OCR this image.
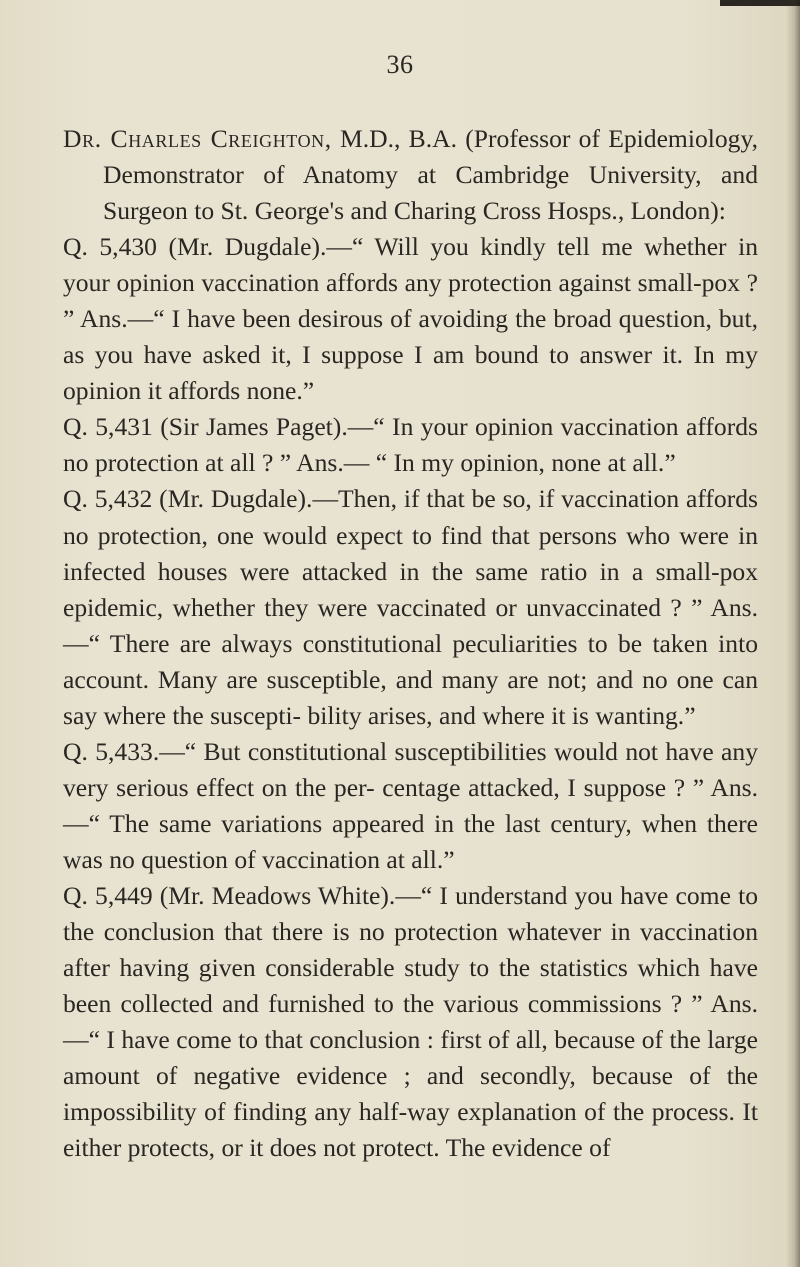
36

Dr. Charles Creighton, M.D., B.A. (Professor of Epidemiology, Demonstrator of Anatomy at Cambridge University, and Surgeon to St. George's and Charing Cross Hosps., London):

Q. 5,430 (Mr. Dugdale).—“ Will you kindly tell me whether in your opinion vaccination affords any protection against small-pox ? ” Ans.—“ I have been desirous of avoiding the broad question, but, as you have asked it, I suppose I am bound to answer it. In my opinion it affords none.”

Q. 5,431 (Sir James Paget).—“ In your opinion vaccination affords no protection at all ? ” Ans.— “ In my opinion, none at all.”

Q. 5,432 (Mr. Dugdale).—Then, if that be so, if vaccination affords no protection, one would expect to find that persons who were in infected houses were attacked in the same ratio in a small-pox epidemic, whether they were vaccinated or unvaccinated ? ” Ans.—“ There are always constitutional peculiarities to be taken into account. Many are susceptible, and many are not; and no one can say where the suscepti- bility arises, and where it is wanting.”

Q. 5,433.—“ But constitutional susceptibilities would not have any very serious effect on the per- centage attacked, I suppose ? ” Ans.—“ The same variations appeared in the last century, when there was no question of vaccination at all.”

Q. 5,449 (Mr. Meadows White).—“ I understand you have come to the conclusion that there is no protection whatever in vaccination after having given considerable study to the statistics which have been collected and furnished to the various commissions ? ” Ans.—“ I have come to that conclusion : first of all, because of the large amount of negative evidence ; and secondly, because of the impossibility of finding any half-way explanation of the process. It either protects, or it does not protect. The evidence of
